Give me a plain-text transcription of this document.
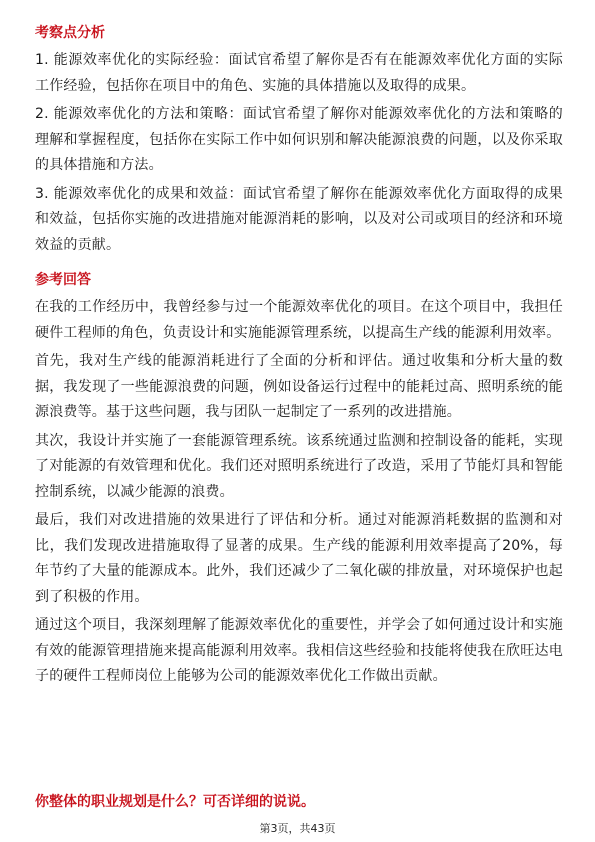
考察点分析

1. 能源效率优化的实际经验：面试官希望了解你是否有在能源效率优化方面的实际工作经验，包括你在项目中的角色、实施的具体措施以及取得的成果。

2. 能源效率优化的方法和策略：面试官希望了解你对能源效率优化的方法和策略的理解和掌握程度，包括你在实际工作中如何识别和解决能源浪费的问题，以及你采取的具体措施和方法。

3. 能源效率优化的成果和效益：面试官希望了解你在能源效率优化方面取得的成果和效益，包括你实施的改进措施对能源消耗的影响，以及对公司或项目的经济和环境效益的贡献。

参考回答

在我的工作经历中，我曾经参与过一个能源效率优化的项目。在这个项目中，我担任硬件工程师的角色，负责设计和实施能源管理系统，以提高生产线的能源利用效率。

首先，我对生产线的能源消耗进行了全面的分析和评估。通过收集和分析大量的数据，我发现了一些能源浪费的问题，例如设备运行过程中的能耗过高、照明系统的能源浪费等。基于这些问题，我与团队一起制定了一系列的改进措施。

其次，我设计并实施了一套能源管理系统。该系统通过监测和控制设备的能耗，实现了对能源的有效管理和优化。我们还对照明系统进行了改造，采用了节能灯具和智能控制系统，以减少能源的浪费。

最后，我们对改进措施的效果进行了评估和分析。通过对能源消耗数据的监测和对比，我们发现改进措施取得了显著的成果。生产线的能源利用效率提高了20%，每年节约了大量的能源成本。此外，我们还减少了二氧化碳的排放量，对环境保护也起到了积极的作用。

通过这个项目，我深刻理解了能源效率优化的重要性，并学会了如何通过设计和实施有效的能源管理措施来提高能源利用效率。我相信这些经验和技能将使我在欣旺达电子的硬件工程师岗位上能够为公司的能源效率优化工作做出贡献。

你整体的职业规划是什么？可否详细的说说。
第3页，共43页
